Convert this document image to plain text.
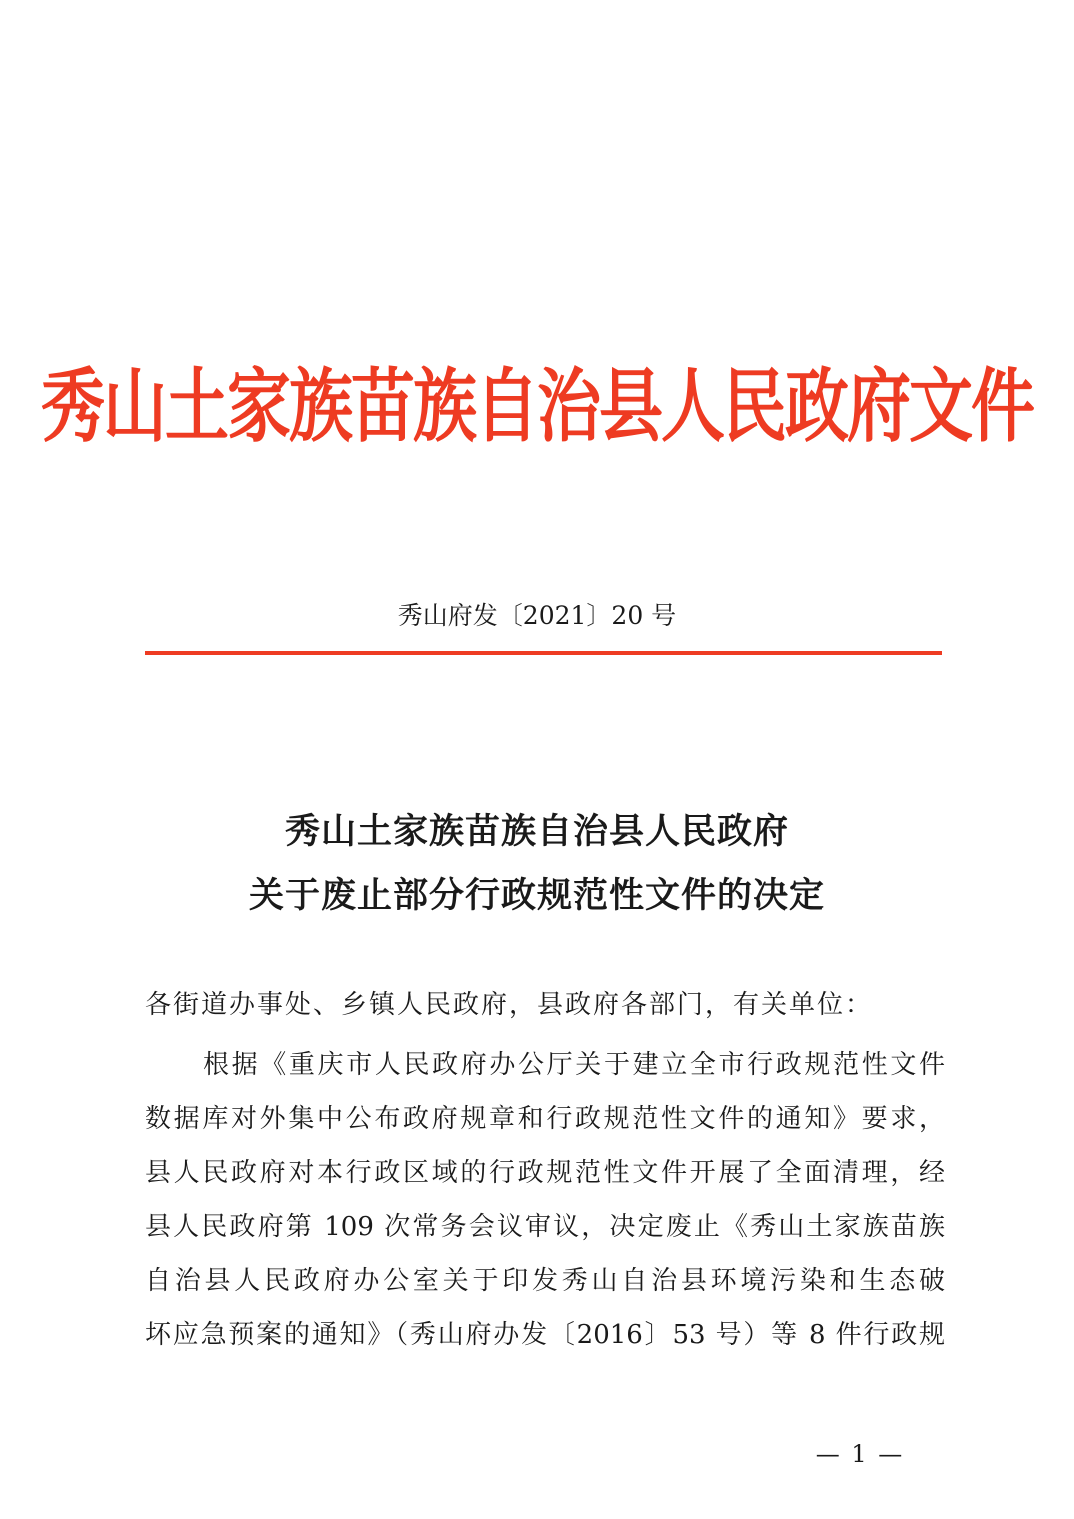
秀山土家族苗族自治县人民政府文件
秀山府发〔2021〕20 号
秀山土家族苗族自治县人民政府
关于废止部分行政规范性文件的决定
各街道办事处、乡镇人民政府，县政府各部门，有关单位：
根据《重庆市人民政府办公厅关于建立全市行政规范性文件
数据库对外集中公布政府规章和行政规范性文件的通知》要求，
县人民政府对本行政区域的行政规范性文件开展了全面清理，经
县人民政府第 109 次常务会议审议，决定废止《秀山土家族苗族
自治县人民政府办公室关于印发秀山自治县环境污染和生态破
坏应急预案的通知》（秀山府办发〔2016〕53 号）等 8 件行政规
— 1 —
